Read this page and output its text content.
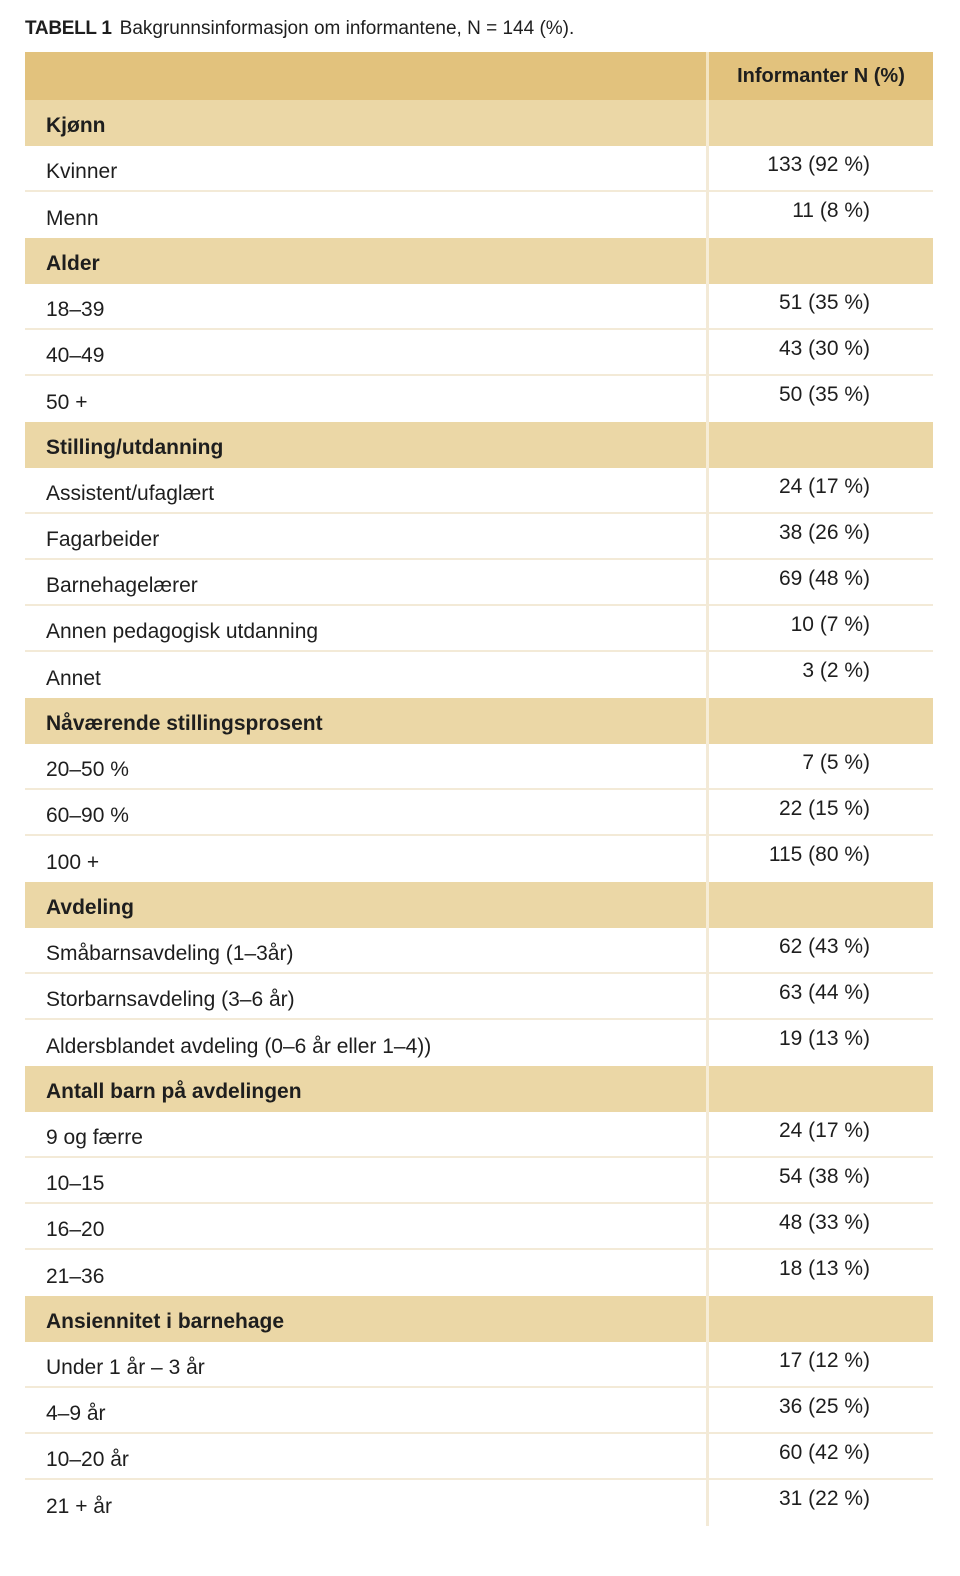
TABELL 1 Bakgrunnsinformasjon om informantene, N = 144 (%).
Informanter N (%)
Kjønn
Kvinner	133 (92 %)
Menn	11 (8 %)
Alder
18–39	51 (35 %)
40–49	43 (30 %)
50 +	50 (35 %)
Stilling/utdanning
Assistent/ufaglært	24 (17 %)
Fagarbeider	38 (26 %)
Barnehagelærer	69 (48 %)
Annen pedagogisk utdanning	10 (7 %)
Annet	3 (2 %)
Nåværende stillingsprosent
20–50 %	7 (5 %)
60–90 %	22 (15 %)
100 +	115 (80 %)
Avdeling
Småbarnsavdeling (1–3år)	62 (43 %)
Storbarnsavdeling (3–6 år)	63 (44 %)
Aldersblandet avdeling (0–6 år eller 1–4))	19 (13 %)
Antall barn på avdelingen
9 og færre	24 (17 %)
10–15	54 (38 %)
16–20	48 (33 %)
21–36	18 (13 %)
Ansiennitet i barnehage
Under 1 år – 3 år	17 (12 %)
4–9 år	36 (25 %)
10–20 år	60 (42 %)
21 + år	31 (22 %)
